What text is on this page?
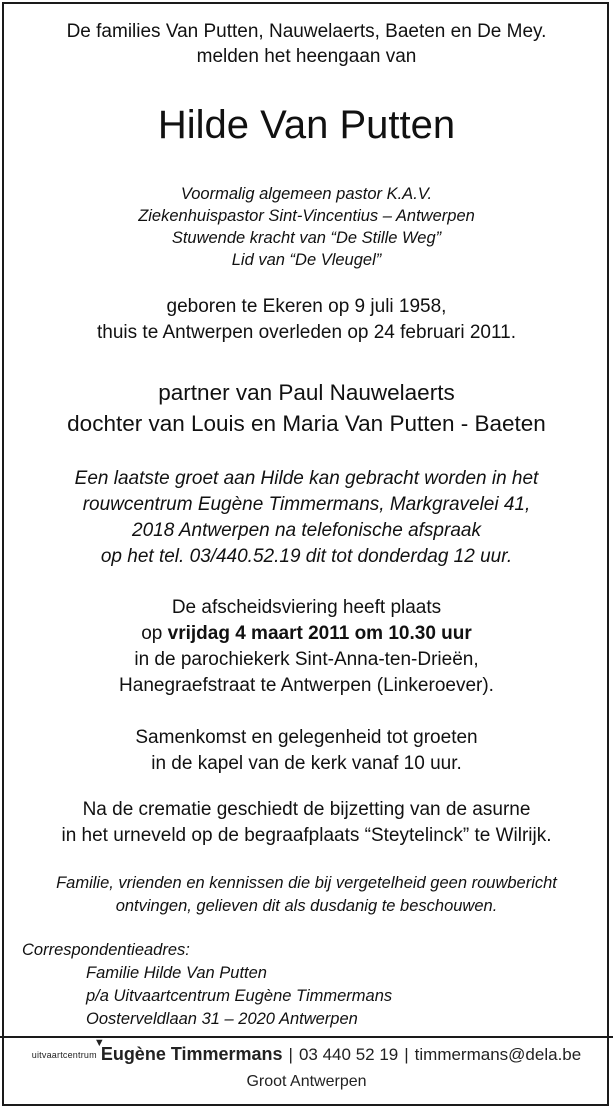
De families Van Putten, Nauwelaerts, Baeten en De Mey.
melden het heengaan van
Hilde Van Putten
Voormalig algemeen pastor K.A.V.
Ziekenhuispastor Sint-Vincentius – Antwerpen
Stuwende kracht van “De Stille Weg”
Lid van “De Vleugel”
geboren te Ekeren op 9 juli 1958,
thuis te Antwerpen overleden op 24 februari 2011.
partner van Paul Nauwelaerts
dochter van Louis en Maria Van Putten - Baeten
Een laatste groet aan Hilde kan gebracht worden in het
rouwcentrum Eugène Timmermans, Markgravelei 41,
2018 Antwerpen na telefonische afspraak
op het tel. 03/440.52.19 dit tot donderdag 12 uur.
De afscheidsviering heeft plaats
op vrijdag 4 maart 2011 om 10.30 uur
in de parochiekerk Sint-Anna-ten-Drieën,
Hanegraefstraat te Antwerpen (Linkeroever).
Samenkomst en gelegenheid tot groeten
in de kapel van de kerk vanaf 10 uur.
Na de crematie geschiedt de bijzetting van de asurne
in het urneveld op de begraafplaats “Steytelinck” te Wilrijk.
Familie, vrienden en kennissen die bij vergetelheid geen rouwbericht
ontvingen, gelieven dit als dusdanig te beschouwen.
Correspondentieadres:
Familie Hilde Van Putten
p/a Uitvaartcentrum Eugène Timmermans
Oosterveldlaan 31 – 2020 Antwerpen
uitvaartcentrum
▼
Eugène Timmermans | 03 440 52 19 | timmermans@dela.be
Groot Antwerpen
